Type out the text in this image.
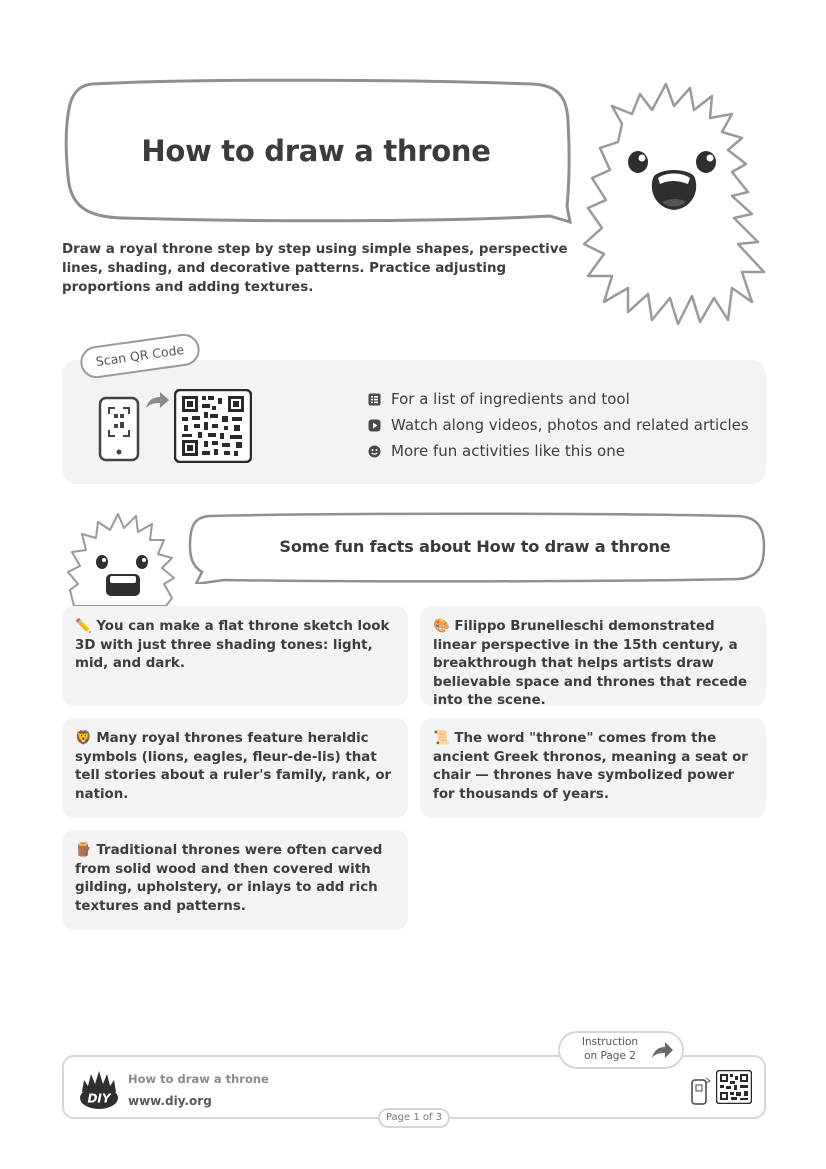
How to draw a throne
Draw a royal throne step by step using simple shapes, perspective lines, shading, and decorative patterns. Practice adjusting proportions and adding textures.
Scan QR Code
For a list of ingredients and tool
Watch along videos, photos and related articles
More fun activities like this one
Some fun facts about How to draw a throne
✏️ You can make a flat throne sketch look 3D with just three shading tones: light, mid, and dark.
🎨 Filippo Brunelleschi demonstrated linear perspective in the 15th century, a breakthrough that helps artists draw believable space and thrones that recede into the scene.
🦁 Many royal thrones feature heraldic symbols (lions, eagles, fleur-de-lis) that tell stories about a ruler's family, rank, or nation.
📜 The word "throne" comes from the ancient Greek thronos, meaning a seat or chair — thrones have symbolized power for thousands of years.
🪵 Traditional thrones were often carved from solid wood and then covered with gilding, upholstery, or inlays to add rich textures and patterns.
Instruction
on Page 2
DIY
How to draw a throne
www.diy.org
Page 1 of 3
